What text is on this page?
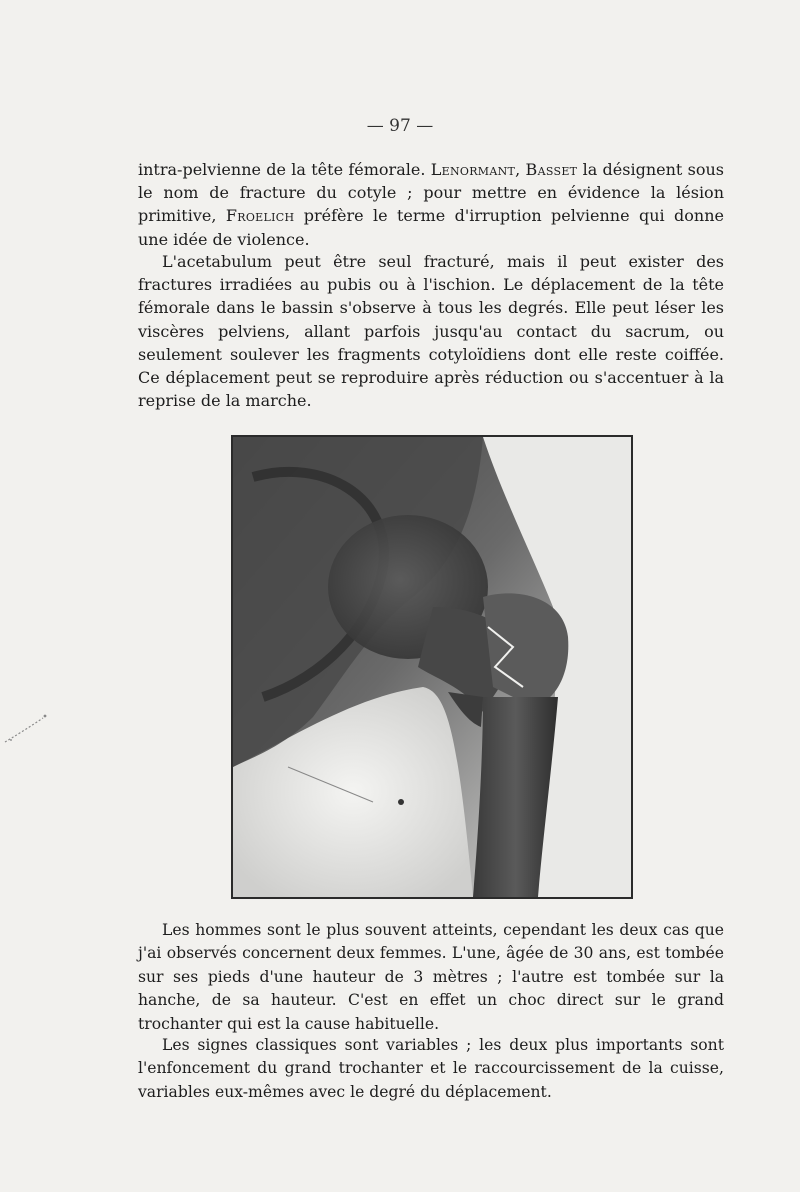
— 97 —

intra-pelvienne de la tête fémorale. Lenormant, Basset la désignent sous le nom de fracture du cotyle ; pour mettre en évidence la lésion primitive, Froelich préfère le terme d'irruption pelvienne qui donne une idée de violence.

L'acetabulum peut être seul fracturé, mais il peut exister des fractures irradiées au pubis ou à l'ischion. Le déplacement de la tête fémorale dans le bassin s'observe à tous les degrés. Elle peut léser les viscères pelviens, allant parfois jusqu'au contact du sacrum, ou seulement soulever les fragments cotyloïdiens dont elle reste coiffée. Ce déplacement peut se reproduire après réduction ou s'accentuer à la reprise de la marche.

Les hommes sont le plus souvent atteints, cependant les deux cas que j'ai observés concernent deux femmes. L'une, âgée de 30 ans, est tombée sur ses pieds d'une hauteur de 3 mètres ; l'autre est tombée sur la hanche, de sa hauteur. C'est en effet un choc direct sur le grand trochanter qui est la cause habituelle.

Les signes classiques sont variables ; les deux plus importants sont l'enfoncement du grand trochanter et le raccourcissement de la cuisse, variables eux-mêmes avec le degré du déplacement.
